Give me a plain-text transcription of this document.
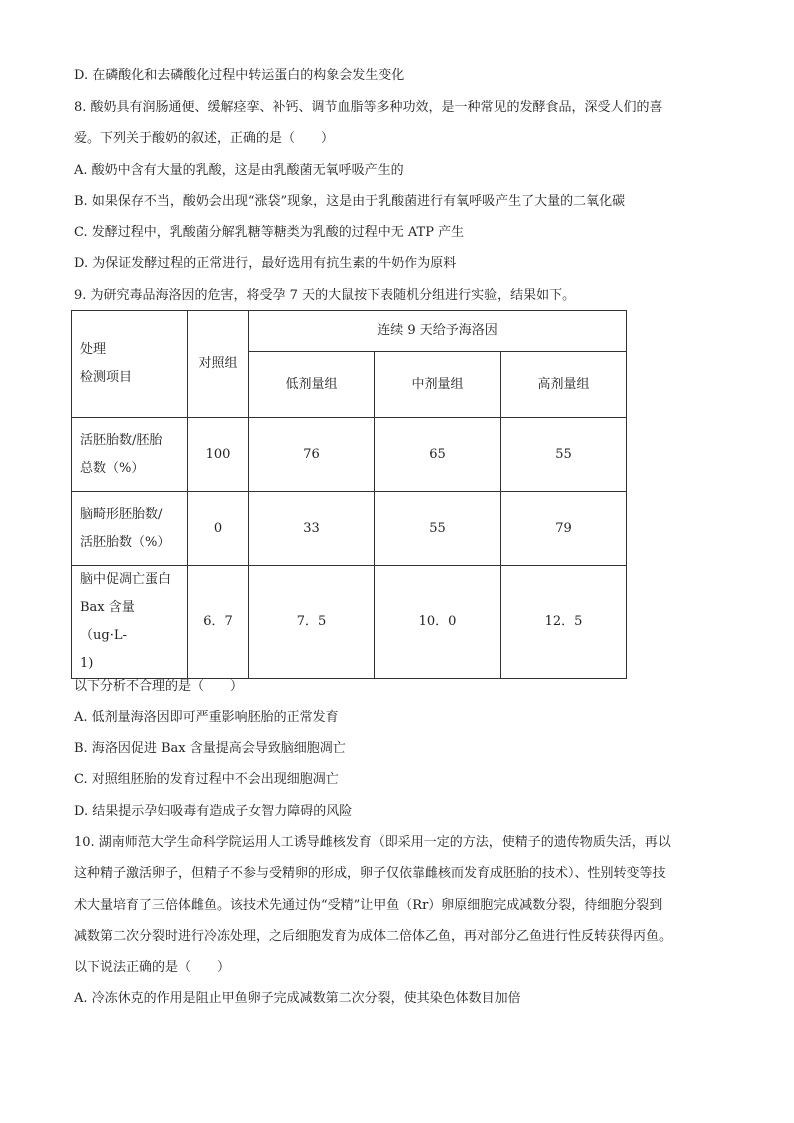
D. 在磷酸化和去磷酸化过程中转运蛋白的构象会发生变化
8. 酸奶具有润肠通便、缓解痉挛、补钙、调节血脂等多种功效，是一种常见的发酵食品，深受人们的喜
爱。下列关于酸奶的叙述，正确的是（　　）
A. 酸奶中含有大量的乳酸，这是由乳酸菌无氧呼吸产生的
B. 如果保存不当，酸奶会出现“涨袋”现象，这是由于乳酸菌进行有氧呼吸产生了大量的二氧化碳
C. 发酵过程中，乳酸菌分解乳糖等糖类为乳酸的过程中无 ATP 产生
D. 为保证发酵过程的正常进行，最好选用有抗生素的牛奶作为原料
9. 为研究毒品海洛因的危害，将受孕 7 天的大鼠按下表随机分组进行实验，结果如下。
处理
检测项目	对照组	连续 9 天给予海洛因		
		低剂量组	中剂量组	高剂量组

活胚胎数/胚胎
总数（%）	100	76	65	55

脑畸形胚胎数/
活胚胎数（%）	0	33	55	79

脑中促凋亡蛋白
Bax 含量（ug·L-
1)	6．7	7．5	10．0	12．5
以下分析不合理的是（　　）
A. 低剂量海洛因即可严重影响胚胎的正常发育
B. 海洛因促进 Bax 含量提高会导致脑细胞凋亡
C. 对照组胚胎的发育过程中不会出现细胞凋亡
D. 结果提示孕妇吸毒有造成子女智力障碍的风险
10. 湖南师范大学生命科学院运用人工诱导雌核发育（即采用一定的方法，使精子的遗传物质失活，再以
这种精子激活卵子，但精子不参与受精卵的形成，卵子仅依靠雌核而发育成胚胎的技术）、性别转变等技
术大量培育了三倍体雌鱼。该技术先通过伪“受精”让甲鱼（Rr）卵原细胞完成减数分裂，待细胞分裂到
减数第二次分裂时进行冷冻处理，之后细胞发育为成体二倍体乙鱼，再对部分乙鱼进行性反转获得丙鱼。
以下说法正确的是（　　）
A. 冷冻休克的作用是阻止甲鱼卵子完成减数第二次分裂，使其染色体数目加倍
